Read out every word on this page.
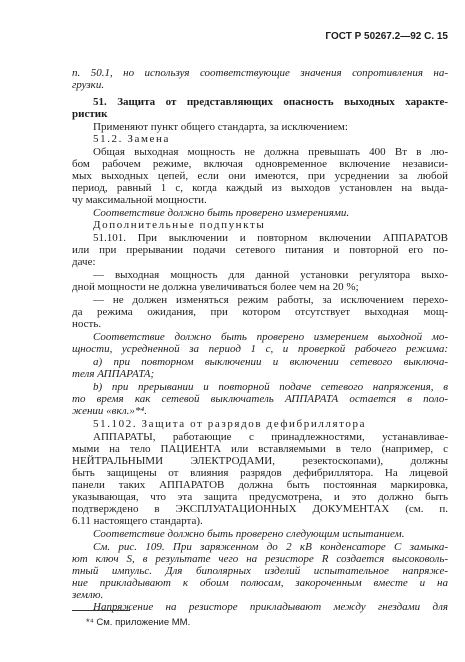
ГОСТ Р 50267.2—92 С. 15
п. 50.1, но используя соответствующие значения сопротивления на-
грузки.
51. Защита от представляющих опасность выходных характе-
ристик
Применяют пункт общего стандарта, за исключением:
51.2. Замена
Общая выходная мощность не должна превышать 400 Вт в лю-
бом рабочем режиме, включая одновременное включение независи-
мых выходных цепей, если они имеются, при усреднении за любой
период, равный 1 с, когда каждый из выходов установлен на выда-
чу максимальной мощности.
Соответствие должно быть проверено измерениями.
Дополнительные подпункты
51.101. При выключении и повторном включении АППАРАТОВ
или при прерывании подачи сетевого питания и повторной его по-
даче:
— выходная мощность для данной установки регулятора выхо-
дной мощности не должна увеличиваться более чем на 20 %;
— не должен изменяться режим работы, за исключением перехо-
да режима ожидания, при котором отсутствует выходная мощ-
ность.
Соответствие должно быть проверено измерением выходной мо-
щности, усредненной за период 1 с, и проверкой рабочего режима:
а) при повторном выключении и включении сетевого выключа-
теля АППАРАТА;
b) при прерывании и повторной подаче сетевого напряжения, в
то время как сетевой выключатель АППАРАТА остается в поло-
жении «вкл.»*⁴.
51.102. Защита от разрядов дефибриллятора
АППАРАТЫ, работающие с принадлежностями, устанавливае-
мыми на тело ПАЦИЕНТА или вставляемыми в тело (например, с
НЕЙТРАЛЬНЫМИ ЭЛЕКТРОДАМИ, резектоскопами), должны
быть защищены от влияния разрядов дефибриллятора. На лицевой
панели таких АППАРАТОВ должна быть постоянная маркировка,
указывающая, что эта защита предусмотрена, и это должно быть
подтверждено в ЭКСПЛУАТАЦИОННЫХ ДОКУМЕНТАХ (см. п.
6.11 настоящего стандарта).
Соответствие должно быть проверено следующим испытанием.
См. рис. 109. При заряженном до 2 кВ конденсаторе С замыка-
ют ключ S, в результате чего на резисторе R создается высоковоль-
тный импульс. Для биполярных изделий испытательное напряже-
ние прикладывают к обоим полюсам, закороченным вместе и на
землю.
Напряжение на резисторе прикладывают между гнездами для
*⁴ См. приложение ММ.
